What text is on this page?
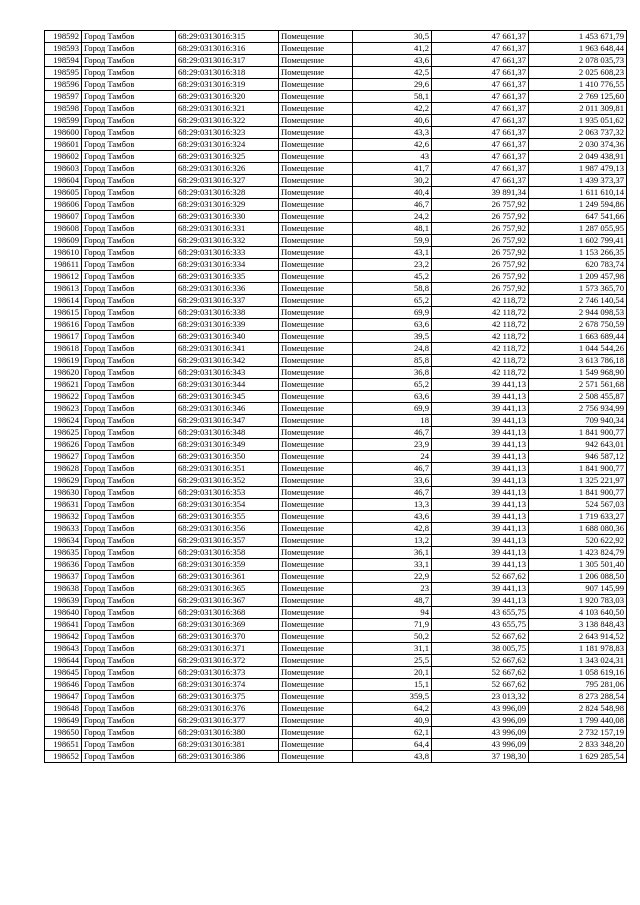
198592	Город Тамбов	68:29:0313016:315	Помещение	30,5	47 661,37	1 453 671,79
198593	Город Тамбов	68:29:0313016:316	Помещение	41,2	47 661,37	1 963 648,44
198594	Город Тамбов	68:29:0313016:317	Помещение	43,6	47 661,37	2 078 035,73
198595	Город Тамбов	68:29:0313016:318	Помещение	42,5	47 661,37	2 025 608,23
198596	Город Тамбов	68:29:0313016:319	Помещение	29,6	47 661,37	1 410 776,55
198597	Город Тамбов	68:29:0313016:320	Помещение	58,1	47 661,37	2 769 125,60
198598	Город Тамбов	68:29:0313016:321	Помещение	42,2	47 661,37	2 011 309,81
198599	Город Тамбов	68:29:0313016:322	Помещение	40,6	47 661,37	1 935 051,62
198600	Город Тамбов	68:29:0313016:323	Помещение	43,3	47 661,37	2 063 737,32
198601	Город Тамбов	68:29:0313016:324	Помещение	42,6	47 661,37	2 030 374,36
198602	Город Тамбов	68:29:0313016:325	Помещение	43	47 661,37	2 049 438,91
198603	Город Тамбов	68:29:0313016:326	Помещение	41,7	47 661,37	1 987 479,13
198604	Город Тамбов	68:29:0313016:327	Помещение	30,2	47 661,37	1 439 373,37
198605	Город Тамбов	68:29:0313016:328	Помещение	40,4	39 891,34	1 611 610,14
198606	Город Тамбов	68:29:0313016:329	Помещение	46,7	26 757,92	1 249 594,86
198607	Город Тамбов	68:29:0313016:330	Помещение	24,2	26 757,92	647 541,66
198608	Город Тамбов	68:29:0313016:331	Помещение	48,1	26 757,92	1 287 055,95
198609	Город Тамбов	68:29:0313016:332	Помещение	59,9	26 757,92	1 602 799,41
198610	Город Тамбов	68:29:0313016:333	Помещение	43,1	26 757,92	1 153 266,35
198611	Город Тамбов	68:29:0313016:334	Помещение	23,2	26 757,92	620 783,74
198612	Город Тамбов	68:29:0313016:335	Помещение	45,2	26 757,92	1 209 457,98
198613	Город Тамбов	68:29:0313016:336	Помещение	58,8	26 757,92	1 573 365,70
198614	Город Тамбов	68:29:0313016:337	Помещение	65,2	42 118,72	2 746 140,54
198615	Город Тамбов	68:29:0313016:338	Помещение	69,9	42 118,72	2 944 098,53
198616	Город Тамбов	68:29:0313016:339	Помещение	63,6	42 118,72	2 678 750,59
198617	Город Тамбов	68:29:0313016:340	Помещение	39,5	42 118,72	1 663 689,44
198618	Город Тамбов	68:29:0313016:341	Помещение	24,8	42 118,72	1 044 544,26
198619	Город Тамбов	68:29:0313016:342	Помещение	85,8	42 118,72	3 613 786,18
198620	Город Тамбов	68:29:0313016:343	Помещение	36,8	42 118,72	1 549 968,90
198621	Город Тамбов	68:29:0313016:344	Помещение	65,2	39 441,13	2 571 561,68
198622	Город Тамбов	68:29:0313016:345	Помещение	63,6	39 441,13	2 508 455,87
198623	Город Тамбов	68:29:0313016:346	Помещение	69,9	39 441,13	2 756 934,99
198624	Город Тамбов	68:29:0313016:347	Помещение	18	39 441,13	709 940,34
198625	Город Тамбов	68:29:0313016:348	Помещение	46,7	39 441,13	1 841 900,77
198626	Город Тамбов	68:29:0313016:349	Помещение	23,9	39 441,13	942 643,01
198627	Город Тамбов	68:29:0313016:350	Помещение	24	39 441,13	946 587,12
198628	Город Тамбов	68:29:0313016:351	Помещение	46,7	39 441,13	1 841 900,77
198629	Город Тамбов	68:29:0313016:352	Помещение	33,6	39 441,13	1 325 221,97
198630	Город Тамбов	68:29:0313016:353	Помещение	46,7	39 441,13	1 841 900,77
198631	Город Тамбов	68:29:0313016:354	Помещение	13,3	39 441,13	524 567,03
198632	Город Тамбов	68:29:0313016:355	Помещение	43,6	39 441,13	1 719 633,27
198633	Город Тамбов	68:29:0313016:356	Помещение	42,8	39 441,13	1 688 080,36
198634	Город Тамбов	68:29:0313016:357	Помещение	13,2	39 441,13	520 622,92
198635	Город Тамбов	68:29:0313016:358	Помещение	36,1	39 441,13	1 423 824,79
198636	Город Тамбов	68:29:0313016:359	Помещение	33,1	39 441,13	1 305 501,40
198637	Город Тамбов	68:29:0313016:361	Помещение	22,9	52 667,62	1 206 088,50
198638	Город Тамбов	68:29:0313016:365	Помещение	23	39 441,13	907 145,99
198639	Город Тамбов	68:29:0313016:367	Помещение	48,7	39 441,13	1 920 783,03
198640	Город Тамбов	68:29:0313016:368	Помещение	94	43 655,75	4 103 640,50
198641	Город Тамбов	68:29:0313016:369	Помещение	71,9	43 655,75	3 138 848,43
198642	Город Тамбов	68:29:0313016:370	Помещение	50,2	52 667,62	2 643 914,52
198643	Город Тамбов	68:29:0313016:371	Помещение	31,1	38 005,75	1 181 978,83
198644	Город Тамбов	68:29:0313016:372	Помещение	25,5	52 667,62	1 343 024,31
198645	Город Тамбов	68:29:0313016:373	Помещение	20,1	52 667,62	1 058 619,16
198646	Город Тамбов	68:29:0313016:374	Помещение	15,1	52 667,62	795 281,06
198647	Город Тамбов	68:29:0313016:375	Помещение	359,5	23 013,32	8 273 288,54
198648	Город Тамбов	68:29:0313016:376	Помещение	64,2	43 996,09	2 824 548,98
198649	Город Тамбов	68:29:0313016:377	Помещение	40,9	43 996,09	1 799 440,08
198650	Город Тамбов	68:29:0313016:380	Помещение	62,1	43 996,09	2 732 157,19
198651	Город Тамбов	68:29:0313016:381	Помещение	64,4	43 996,09	2 833 348,20
198652	Город Тамбов	68:29:0313016:386	Помещение	43,8	37 198,30	1 629 285,54
